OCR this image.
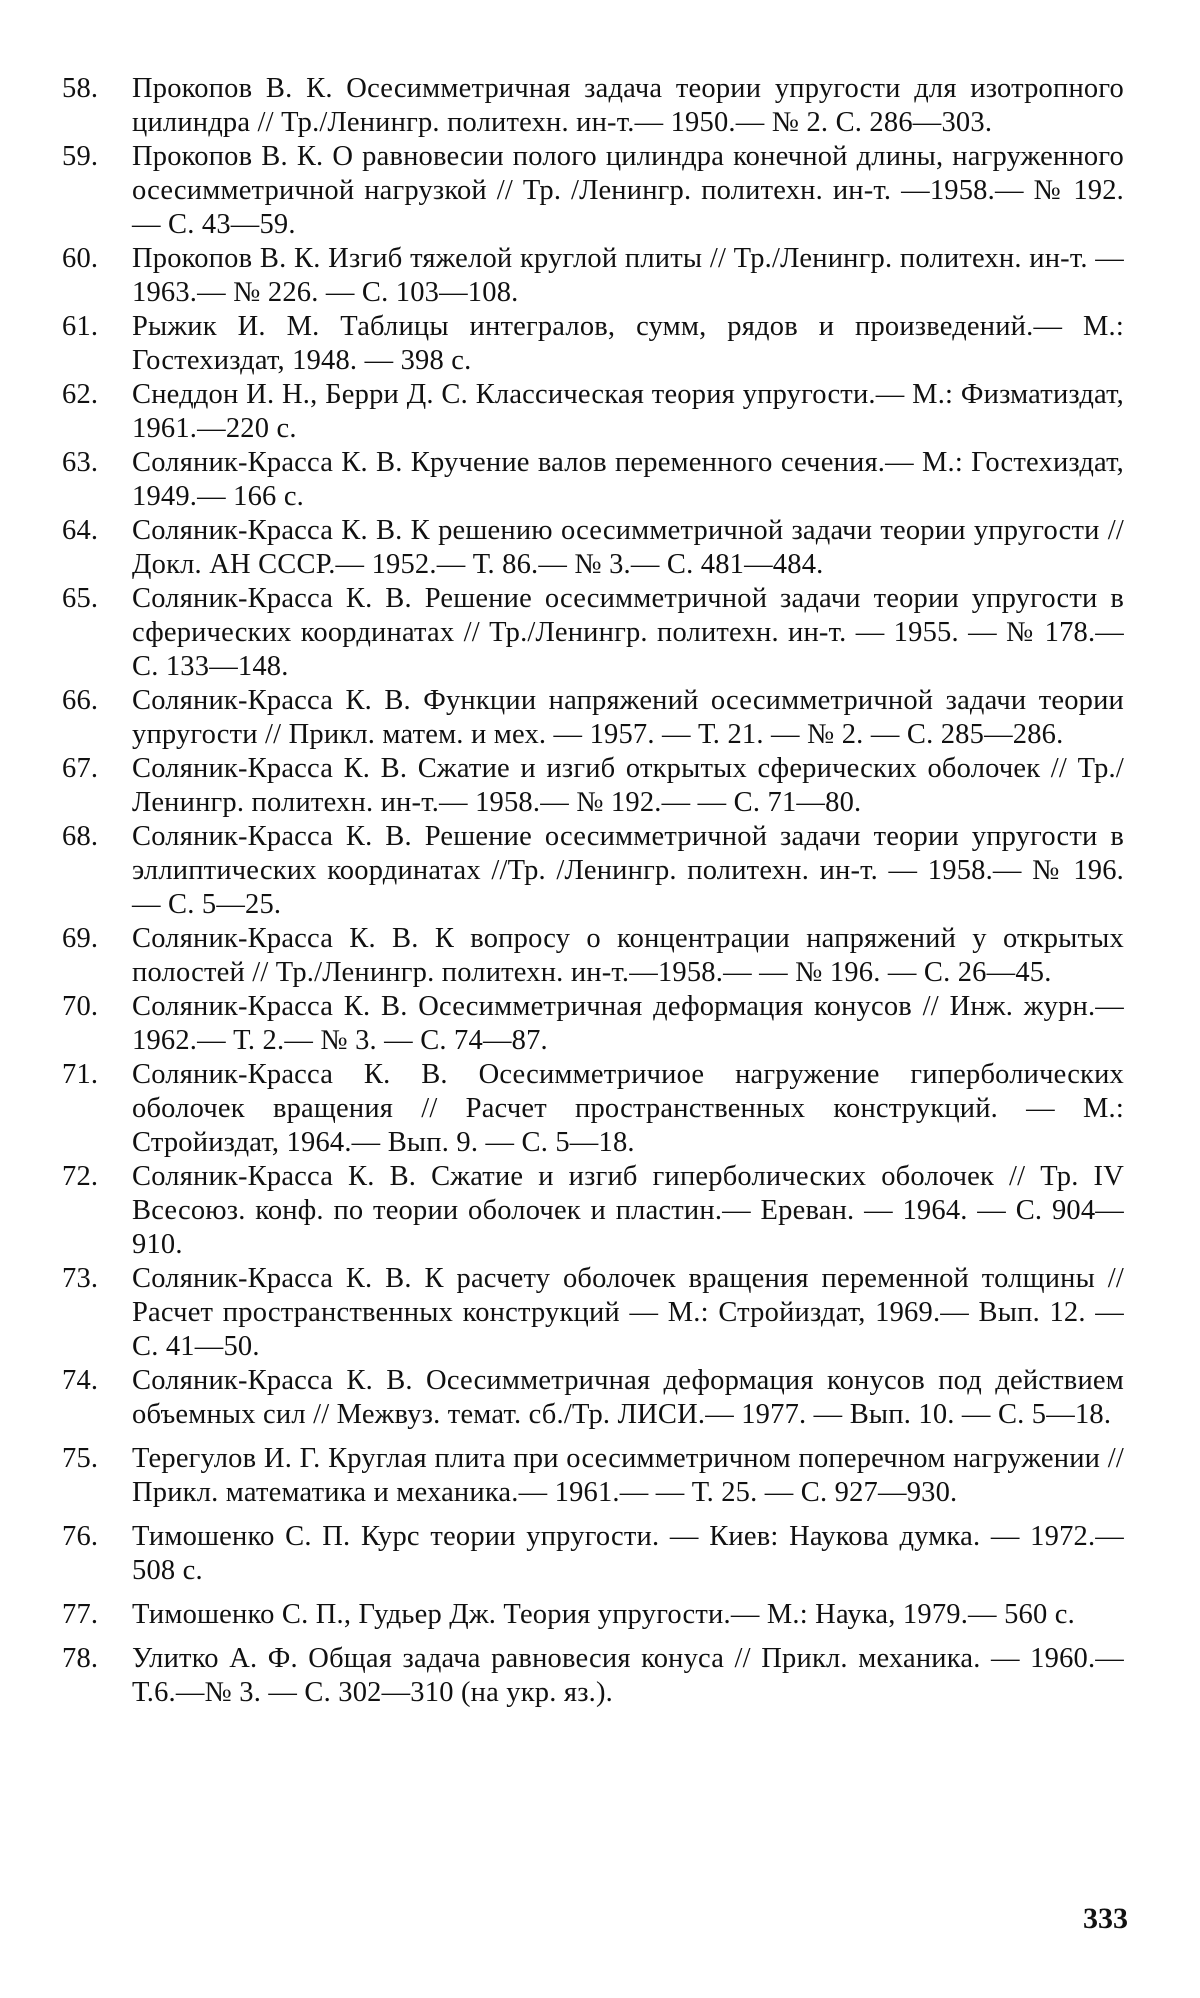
58.	Прокопов В. К. Осесимметричная задача теории упругости для изотропного цилиндра // Тр./Ленингр. политехн. ин-т.— 1950.— № 2. С. 286—303.
59.	Прокопов В. К. О равновесии полого цилиндра конечной длины, нагруженного осесимметричной нагрузкой // Тр. /Ленингр. политехн. ин-т. —1958.— № 192.— С. 43—59.
60.	Прокопов В. К. Изгиб тяжелой круглой плиты // Тр./Ленингр. политехн. ин-т. — 1963.— № 226. — С. 103—108.
61.	Рыжик И. М. Таблицы интегралов, сумм, рядов и произведений.— М.: Гостехиздат, 1948. — 398 с.
62.	Снеддон И. Н., Берри Д. С. Классическая теория упругости.— М.: Физматиздат, 1961.—220 с.
63.	Соляник-Красса К. В. Кручение валов переменного сечения.— М.: Гостехиздат, 1949.— 166 с.
64.	Соляник-Красса К. В. К решению осесимметричной задачи теории упругости // Докл. АН СССР.— 1952.— Т. 86.— № 3.— С. 481—484.
65.	Соляник-Красса К. В. Решение осесимметричной задачи теории упругости в сферических координатах // Тр./Ленингр. политехн. ин-т. — 1955. — № 178.— С. 133—148.
66.	Соляник-Красса К. В. Функции напряжений осесимметричной задачи теории упругости // Прикл. матем. и мех. — 1957. — Т. 21. — № 2. — С. 285—286.
67.	Соляник-Красса К. В. Сжатие и изгиб открытых сферических оболочек // Тр./Ленингр. политехн. ин-т.— 1958.— № 192.— — С. 71—80.
68.	Соляник-Красса К. В. Решение осесимметричной задачи теории упругости в эллиптических координатах //Тр. /Ленингр. политехн. ин-т. — 1958.— № 196. — С. 5—25.
69.	Соляник-Красса К. В. К вопросу о концентрации напряжений у открытых полостей // Тр./Ленингр. политехн. ин-т.—1958.— — № 196. — С. 26—45.
70.	Соляник-Красса К. В. Осесимметричная деформация конусов // Инж. журн.— 1962.— Т. 2.— № 3. — С. 74—87.
71.	Соляник-Красса К. В. Осесимметричиое нагружение гиперболических оболочек вращения // Расчет пространственных конструкций. — М.: Стройиздат, 1964.— Вып. 9. — С. 5—18.
72.	Соляник-Красса К. В. Сжатие и изгиб гиперболических оболочек // Тр. IV Всесоюз. конф. по теории оболочек и пластин.— Ереван. — 1964. — С. 904—910.
73.	Соляник-Красса К. В. К расчету оболочек вращения переменной толщины // Расчет пространственных конструкций — М.: Стройиздат, 1969.— Вып. 12. — С. 41—50.
74.	Соляник-Красса К. В. Осесимметричная деформация конусов под действием объемных сил // Межвуз. темат. сб./Тр. ЛИСИ.— 1977. — Вып. 10. — С. 5—18.
75.	Терегулов И. Г. Круглая плита при осесимметричном поперечном нагружении //Прикл. математика и механика.— 1961.— — Т. 25. — С. 927—930.
76.	Тимошенко С. П. Курс теории упругости. — Киев: Наукова думка. — 1972.— 508 с.
77.	Тимошенко С. П., Гудьер Дж. Теория упругости.— М.: Наука, 1979.— 560 с.
78.	Улитко А. Ф. Общая задача равновесия конуса // Прикл. механика. — 1960.— Т.6.—№ 3. — С. 302—310 (на укр. яз.).
333
